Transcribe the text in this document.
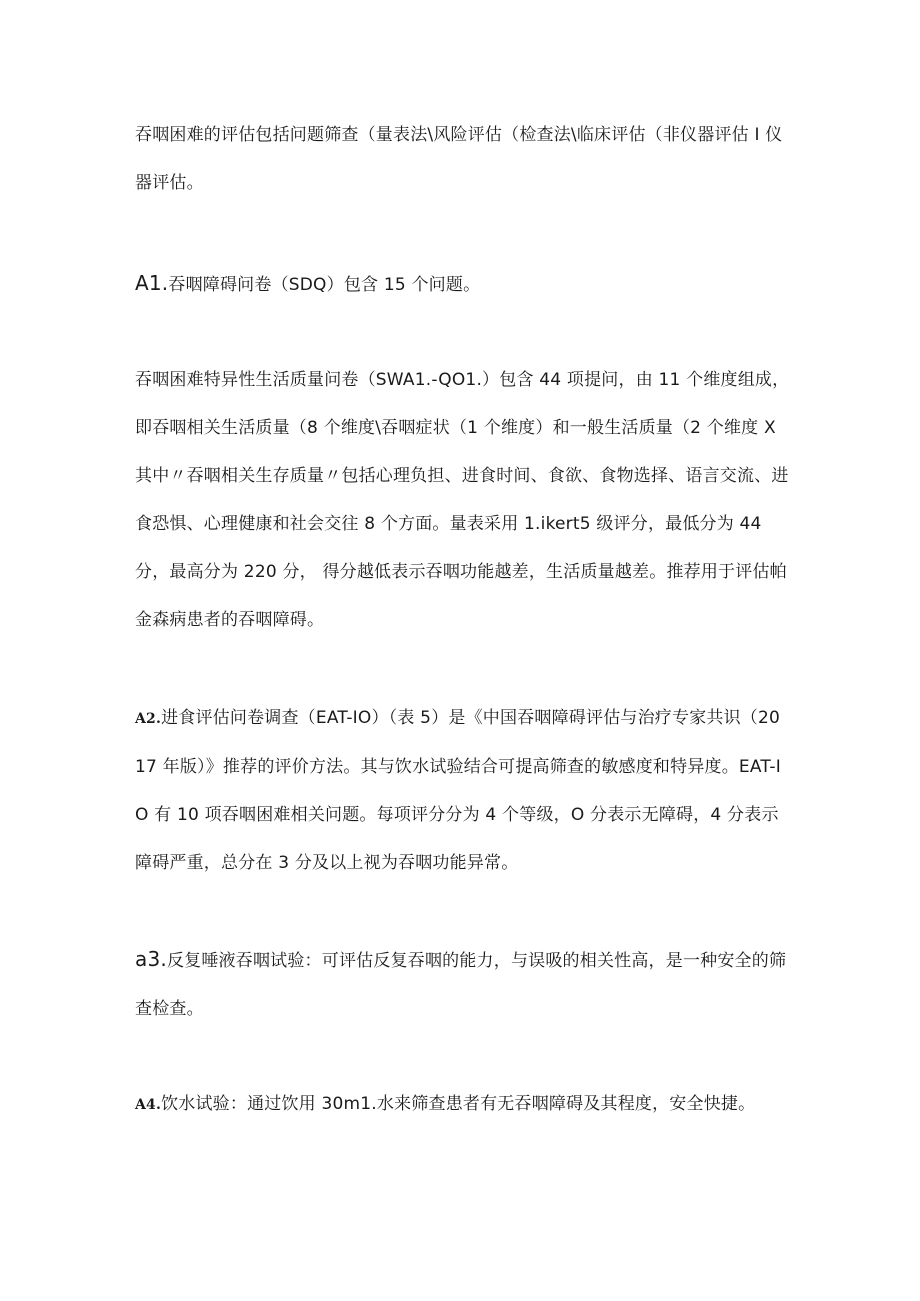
吞咽困难的评估包括问题筛查（量表法\风险评估（检查法\临床评估（非仪器评估 I 仪器评估。

A1.吞咽障碍问卷（SDQ）包含 15 个问题。

吞咽困难特异性生活质量问卷（SWA1.-QO1.）包含 44 项提问，由 11 个维度组成，即吞咽相关生活质量（8 个维度\吞咽症状（1 个维度）和一般生活质量（2 个维度 X 其中〃吞咽相关生存质量〃包括心理负担、进食时间、食欲、食物选择、语言交流、进食恐惧、心理健康和社会交往 8 个方面。量表采用 1.ikert5 级评分，最低分为 44 分，最高分为 220 分， 得分越低表示吞咽功能越差，生活质量越差。推荐用于评估帕金森病患者的吞咽障碍。

A2.进食评估问卷调查（EAT-IO）（表 5）是《中国吞咽障碍评估与治疗专家共识（2017 年版）》推荐的评价方法。其与饮水试验结合可提高筛查的敏感度和特异度。EAT-IO 有 10 项吞咽困难相关问题。每项评分分为 4 个等级，O 分表示无障碍，4 分表示障碍严重，总分在 3 分及以上视为吞咽功能异常。

a3.反复唾液吞咽试验：可评估反复吞咽的能力，与误吸的相关性高，是一种安全的筛查检查。

A4.饮水试验：通过饮用 30m1.水来筛查患者有无吞咽障碍及其程度，安全快捷。
